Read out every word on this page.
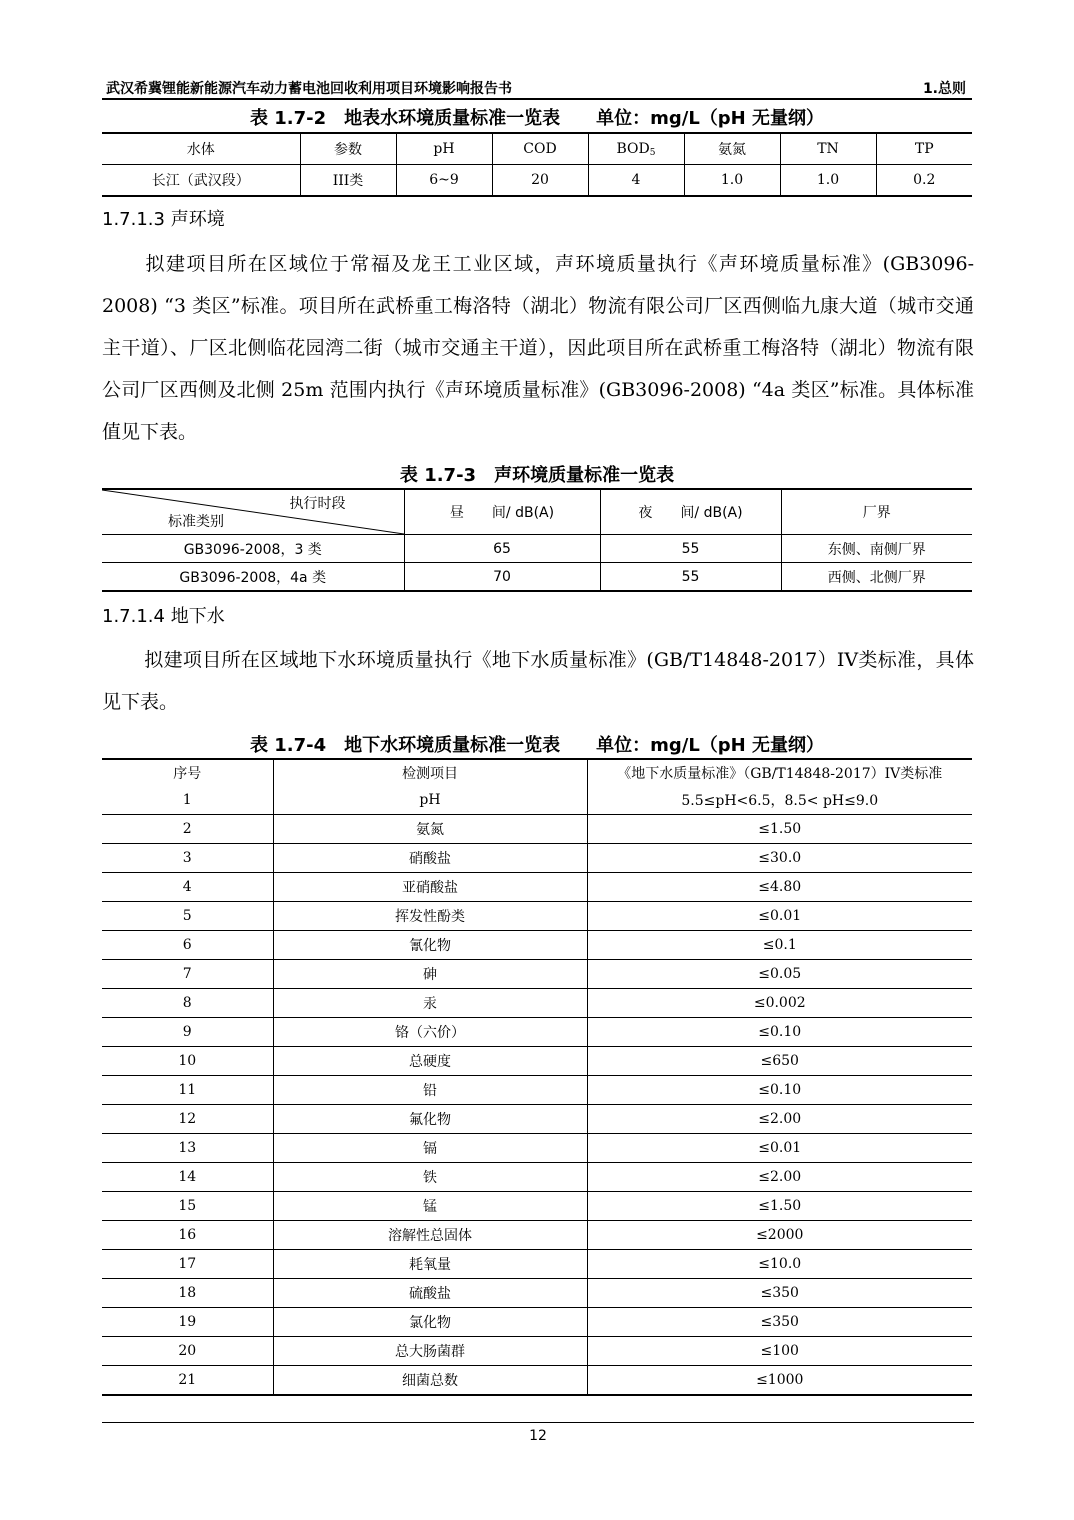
武汉希冀锂能新能源汽车动力蓄电池回收利用项目环境影响报告书	1.总则
表 1.7-2　地表水环境质量标准一览表　　单位：mg/L（pH 无量纲）
水体	参数	pH	COD	$BOD_5$	氨氮	TN	TP
长江（武汉段）	III类	6~9	20	4	1.0	1.0	0.2
1.7.1.3 声环境
拟建项目所在区域位于常福及龙王工业区域，声环境质量执行《声环境质量标准》(GB3096-2008) “3 类区”标准。项目所在武桥重工梅洛特（湖北）物流有限公司厂区西侧临九康大道（城市交通主干道）、厂区北侧临花园湾二街（城市交通主干道），因此项目所在武桥重工梅洛特（湖北）物流有限公司厂区西侧及北侧 25m 范围内执行《声环境质量标准》(GB3096-2008) “4a 类区”标准。具体标准值见下表。
表 1.7-3　声环境质量标准一览表
执行时段
标准类别	昼　　间/ dB(A)	夜　　间/ dB(A)	厂界
GB3096-2008，3 类	65	55	东侧、南侧厂界
GB3096-2008，4a 类	70	55	西侧、北侧厂界
1.7.1.4 地下水
拟建项目所在区域地下水环境质量执行《地下水质量标准》(GB/T14848-2017）IV类标准，具体见下表。
表 1.7-4　地下水环境质量标准一览表　　单位：mg/L（pH 无量纲）
序号	检测项目	《地下水质量标准》（GB/T14848-2017）IV类标准
1	pH	5.5≤pH<6.5，8.5< pH≤9.0
2	氨氮	≤1.50
3	硝酸盐	≤30.0
4	亚硝酸盐	≤4.80
5	挥发性酚类	≤0.01
6	氰化物	≤0.1
7	砷	≤0.05
8	汞	≤0.002
9	铬（六价）	≤0.10
10	总硬度	≤650
11	铅	≤0.10
12	氟化物	≤2.00
13	镉	≤0.01
14	铁	≤2.00
15	锰	≤1.50
16	溶解性总固体	≤2000
17	耗氧量	≤10.0
18	硫酸盐	≤350
19	氯化物	≤350
20	总大肠菌群	≤100
21	细菌总数	≤1000
12
